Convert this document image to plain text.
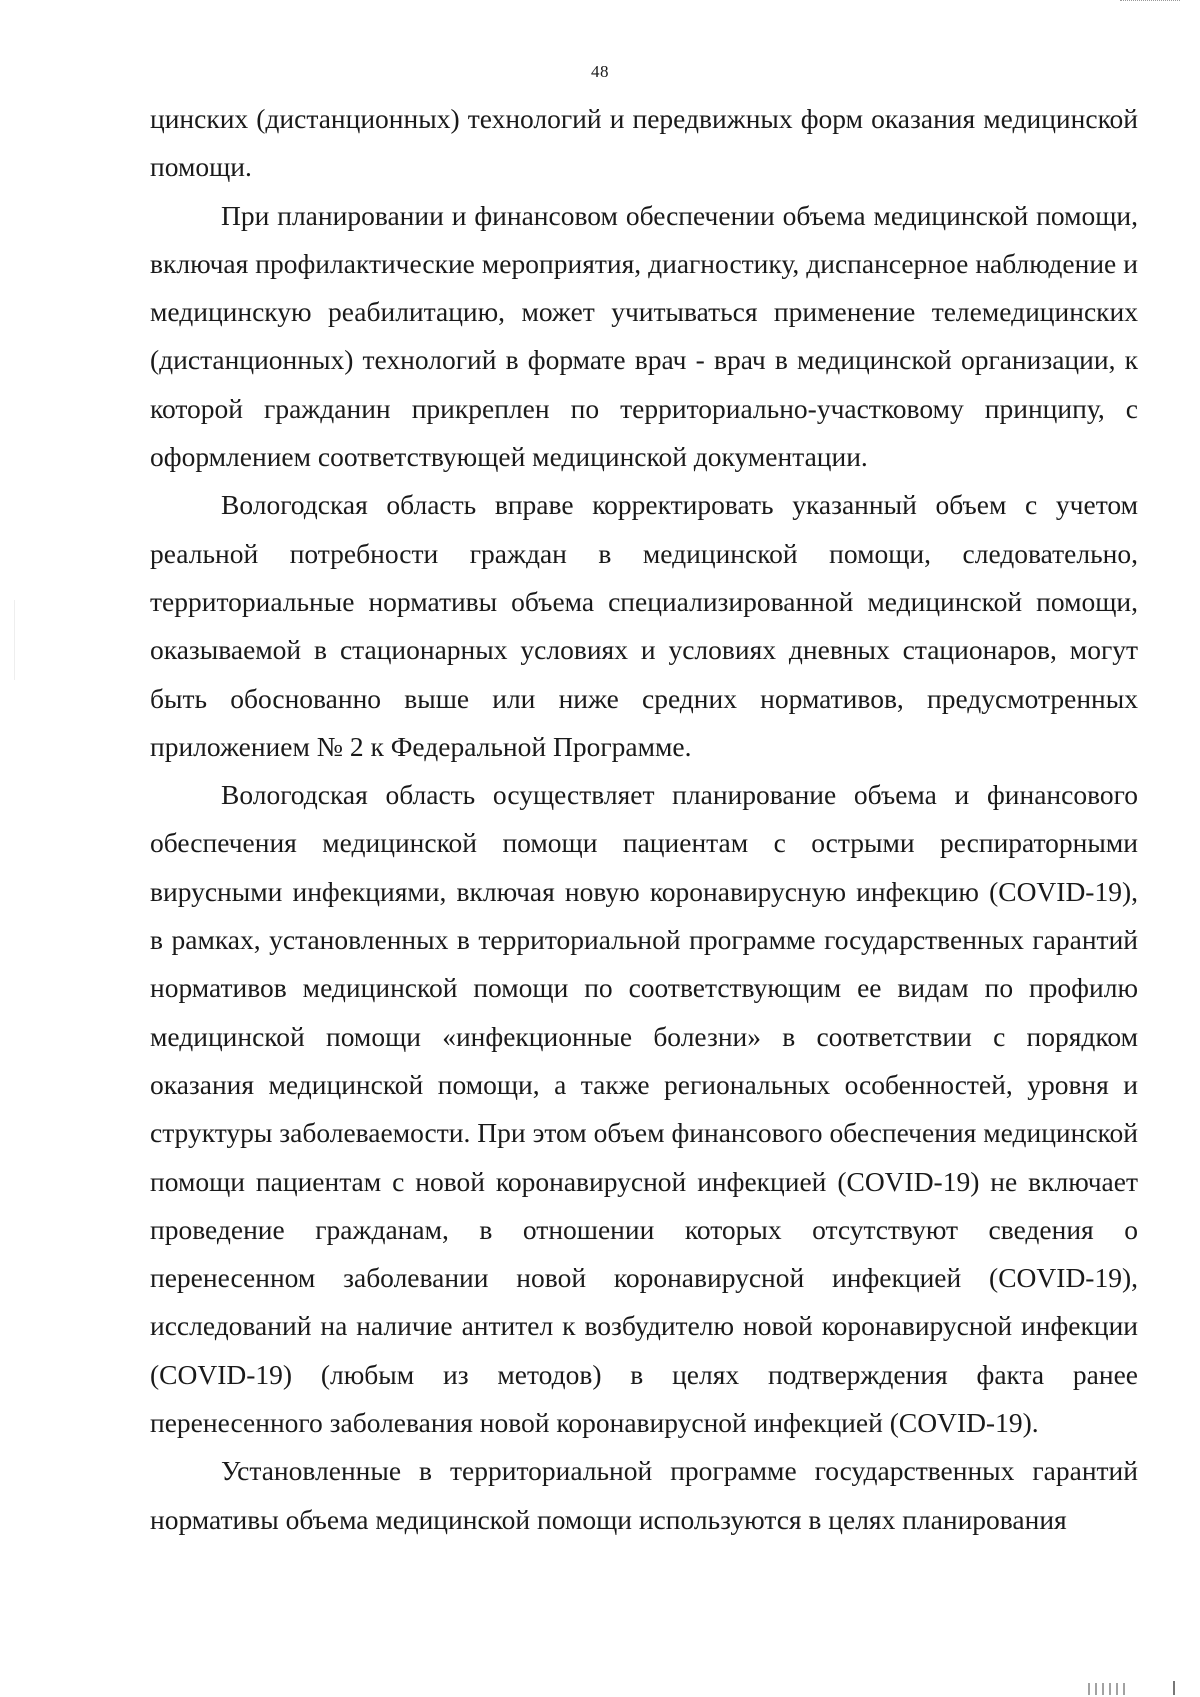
48

цинских (дистанционных) технологий и передвижных форм оказания медицинской помощи.

При планировании и финансовом обеспечении объема медицинской помощи, включая профилактические мероприятия, диагностику, диспансерное наблюдение и медицинскую реабилитацию, может учитываться применение телемедицинских (дистанционных) технологий в формате врач - врач в медицинской организации, к которой гражданин прикреплен по территориально-участковому принципу, с оформлением соответствующей медицинской документации.

Вологодская область вправе корректировать указанный объем с учетом реальной потребности граждан в медицинской помощи, следовательно, территориальные нормативы объема специализированной медицинской помощи, оказываемой в стационарных условиях и условиях дневных стационаров, могут быть обоснованно выше или ниже средних нормативов, предусмотренных приложением № 2 к Федеральной Программе.

Вологодская область осуществляет планирование объема и финансового обеспечения медицинской помощи пациентам с острыми респираторными вирусными инфекциями, включая новую коронавирусную инфекцию (COVID-19), в рамках, установленных в территориальной программе государственных гарантий нормативов медицинской помощи по соответствующим ее видам по профилю медицинской помощи «инфекционные болезни» в соответствии с порядком оказания медицинской помощи, а также региональных особенностей, уровня и структуры заболеваемости. При этом объем финансового обеспечения медицинской помощи пациентам с новой коронавирусной инфекцией (COVID-19) не включает проведение гражданам, в отношении которых отсутствуют сведения о перенесенном заболевании новой коронавирусной инфекцией (COVID-19), исследований на наличие антител к возбудителю новой коронавирусной инфекции (COVID-19) (любым из методов) в целях подтверждения факта ранее перенесенного заболевания новой коронавирусной инфекцией (COVID-19).

Установленные в территориальной программе государственных гарантий нормативы объема медицинской помощи используются в целях планирования
